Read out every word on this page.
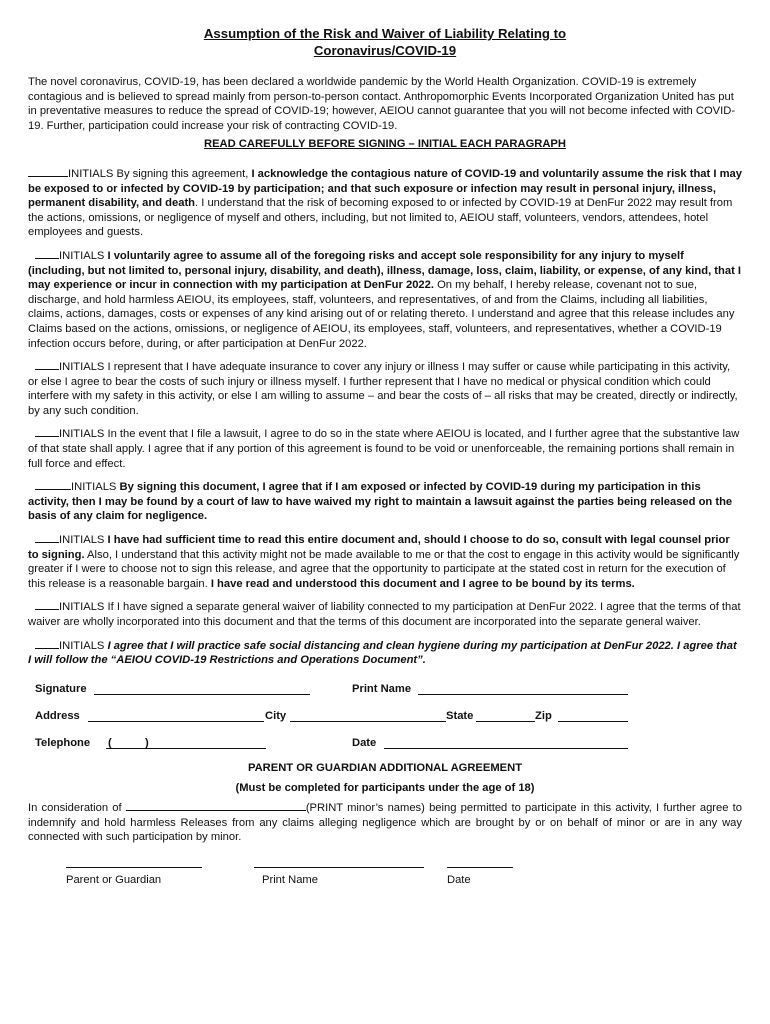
Assumption of the Risk and Waiver of Liability Relating to
Coronavirus/COVID-19

The novel coronavirus, COVID-19, has been declared a worldwide pandemic by the World Health Organization. COVID-19 is extremely contagious and is believed to spread mainly from person-to-person contact. Anthropomorphic Events Incorporated Organization United has put in preventative measures to reduce the spread of COVID-19; however, AEIOU cannot guarantee that you will not become infected with COVID-19. Further, participation could increase your risk of contracting COVID-19.

READ CAREFULLY BEFORE SIGNING – INITIAL EACH PARAGRAPH

INITIALS By signing this agreement, I acknowledge the contagious nature of COVID-19 and voluntarily assume the risk that I may be exposed to or infected by COVID-19 by participation; and that such exposure or infection may result in personal injury, illness, permanent disability, and death. I understand that the risk of becoming exposed to or infected by COVID-19 at DenFur 2022 may result from the actions, omissions, or negligence of myself and others, including, but not limited to, AEIOU staff, volunteers, vendors, attendees, hotel employees and guests.

INITIALS I voluntarily agree to assume all of the foregoing risks and accept sole responsibility for any injury to myself (including, but not limited to, personal injury, disability, and death), illness, damage, loss, claim, liability, or expense, of any kind, that I may experience or incur in connection with my participation at DenFur 2022. On my behalf, I hereby release, covenant not to sue, discharge, and hold harmless AEIOU, its employees, staff, volunteers, and representatives, of and from the Claims, including all liabilities, claims, actions, damages, costs or expenses of any kind arising out of or relating thereto. I understand and agree that this release includes any Claims based on the actions, omissions, or negligence of AEIOU, its employees, staff, volunteers, and representatives, whether a COVID-19 infection occurs before, during, or after participation at DenFur 2022.

INITIALS I represent that I have adequate insurance to cover any injury or illness I may suffer or cause while participating in this activity, or else I agree to bear the costs of such injury or illness myself. I further represent that I have no medical or physical condition which could interfere with my safety in this activity, or else I am willing to assume – and bear the costs of – all risks that may be created, directly or indirectly, by any such condition.

INITIALS In the event that I file a lawsuit, I agree to do so in the state where AEIOU is located, and I further agree that the substantive law of that state shall apply. I agree that if any portion of this agreement is found to be void or unenforceable, the remaining portions shall remain in full force and effect.

INITIALS By signing this document, I agree that if I am exposed or infected by COVID-19 during my participation in this activity, then I may be found by a court of law to have waived my right to maintain a lawsuit against the parties being released on the basis of any claim for negligence.

INITIALS I have had sufficient time to read this entire document and, should I choose to do so, consult with legal counsel prior to signing. Also, I understand that this activity might not be made available to me or that the cost to engage in this activity would be significantly greater if I were to choose not to sign this release, and agree that the opportunity to participate at the stated cost in return for the execution of this release is a reasonable bargain. I have read and understood this document and I agree to be bound by its terms.

INITIALS If I have signed a separate general waiver of liability connected to my participation at DenFur 2022. I agree that the terms of that waiver are wholly incorporated into this document and that the terms of this document are incorporated into the separate general waiver.

INITIALS I agree that I will practice safe social distancing and clean hygiene during my participation at DenFur 2022. I agree that I will follow the “AEIOU COVID-19 Restrictions and Operations Document”.

Signature	Print Name
Address	City	State	Zip
Telephone (	)	Date

PARENT OR GUARDIAN ADDITIONAL AGREEMENT

(Must be completed for participants under the age of 18)

In consideration of	(PRINT minor’s names) being permitted to participate in this activity, I further agree to indemnify and hold harmless Releases from any claims alleging negligence which are brought by or on behalf of minor or are in any way connected with such participation by minor.

Parent or Guardian	Print Name	Date
